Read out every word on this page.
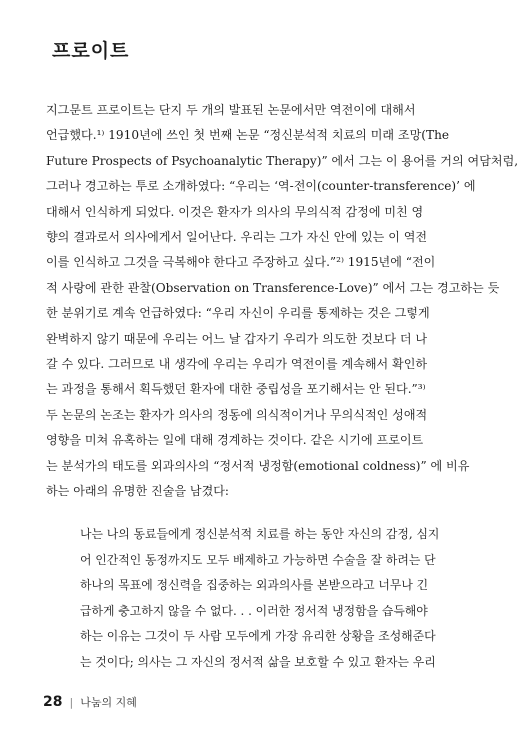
프로이트

지그문트 프로이트는 단지 두 개의 발표된 논문에서만 역전이에 대해서
언급했다.¹⁾ 1910년에 쓰인 첫 번째 논문 “정신분석적 치료의 미래 조망(The
Future Prospects of Psychoanalytic Therapy)” 에서 그는 이 용어를 거의 여담처럼,
그러나 경고하는 투로 소개하였다: “우리는 ‘역-전이(counter-transference)’ 에
대해서 인식하게 되었다. 이것은 환자가 의사의 무의식적 감정에 미친 영
향의 결과로서 의사에게서 일어난다. 우리는 그가 자신 안에 있는 이 역전
이를 인식하고 그것을 극복해야 한다고 주장하고 싶다.”²⁾ 1915년에 “전이
적 사랑에 관한 관찰(Observation on Transference-Love)” 에서 그는 경고하는 듯
한 분위기로 계속 언급하였다: “우리 자신이 우리를 통제하는 것은 그렇게
완벽하지 않기 때문에 우리는 어느 날 갑자기 우리가 의도한 것보다 더 나
갈 수 있다. 그러므로 내 생각에 우리는 우리가 역전이를 계속해서 확인하
는 과정을 통해서 획득했던 환자에 대한 중립성을 포기해서는 안 된다.”³⁾
두 논문의 논조는 환자가 의사의 정동에 의식적이거나 무의식적인 성애적
영향을 미쳐 유혹하는 일에 대해 경계하는 것이다. 같은 시기에 프로이트
는 분석가의 태도를 외과의사의 “정서적 냉정함(emotional coldness)” 에 비유
하는 아래의 유명한 진술을 남겼다:

나는 나의 동료들에게 정신분석적 치료를 하는 동안 자신의 감정, 심지
어 인간적인 동정까지도 모두 배제하고 가능하면 수술을 잘 하려는 단
하나의 목표에 정신력을 집중하는 외과의사를 본받으라고 너무나 긴
급하게 충고하지 않을 수 없다. . . 이러한 정서적 냉정함을 습득해야
하는 이유는 그것이 두 사람 모두에게 가장 유리한 상황을 조성해준다
는 것이다; 의사는 그 자신의 정서적 삶을 보호할 수 있고 환자는 우리

28 | 나눔의 지혜
